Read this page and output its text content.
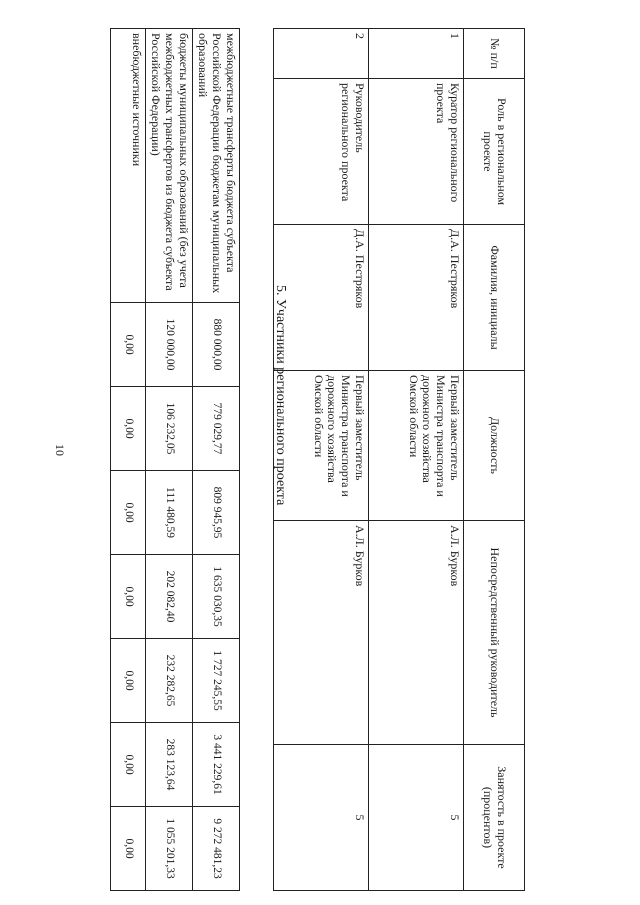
10
межбюджетные трансферты бюджета субъекта Российской Федерации бюджетам муниципальных образований	880 000,00	779 029,77	809 945,95	1 635 030,35	1 727 245,55	3 441 229,61	9 272 481,23
бюджеты муниципальных образований (без учета межбюджетных трансфертов из бюджета субъекта Российской Федерации)	120 000,00	106 232,05	111 480,59	202 082,40	232 282,65	283 123,64	1 055 201,33
внебюджетные источники	0,00	0,00	0,00	0,00	0,00	0,00	0,00
5. Участники регионального проекта
№ п/п	Роль в региональном проекте	Фамилия, инициалы	Должность	Непосредственный руководитель	Занятость в проекте (процентов)
1	Куратор регионального проекта	Д.А. Пестряков	Первый заместитель Министра транспорта и дорожного хозяйства Омской области	А.Л. Бурков	5
2	Руководитель регионального проекта	Д.А. Пестряков	Первый заместитель Министра транспорта и дорожного хозяйства Омской области	А.Л. Бурков	5
